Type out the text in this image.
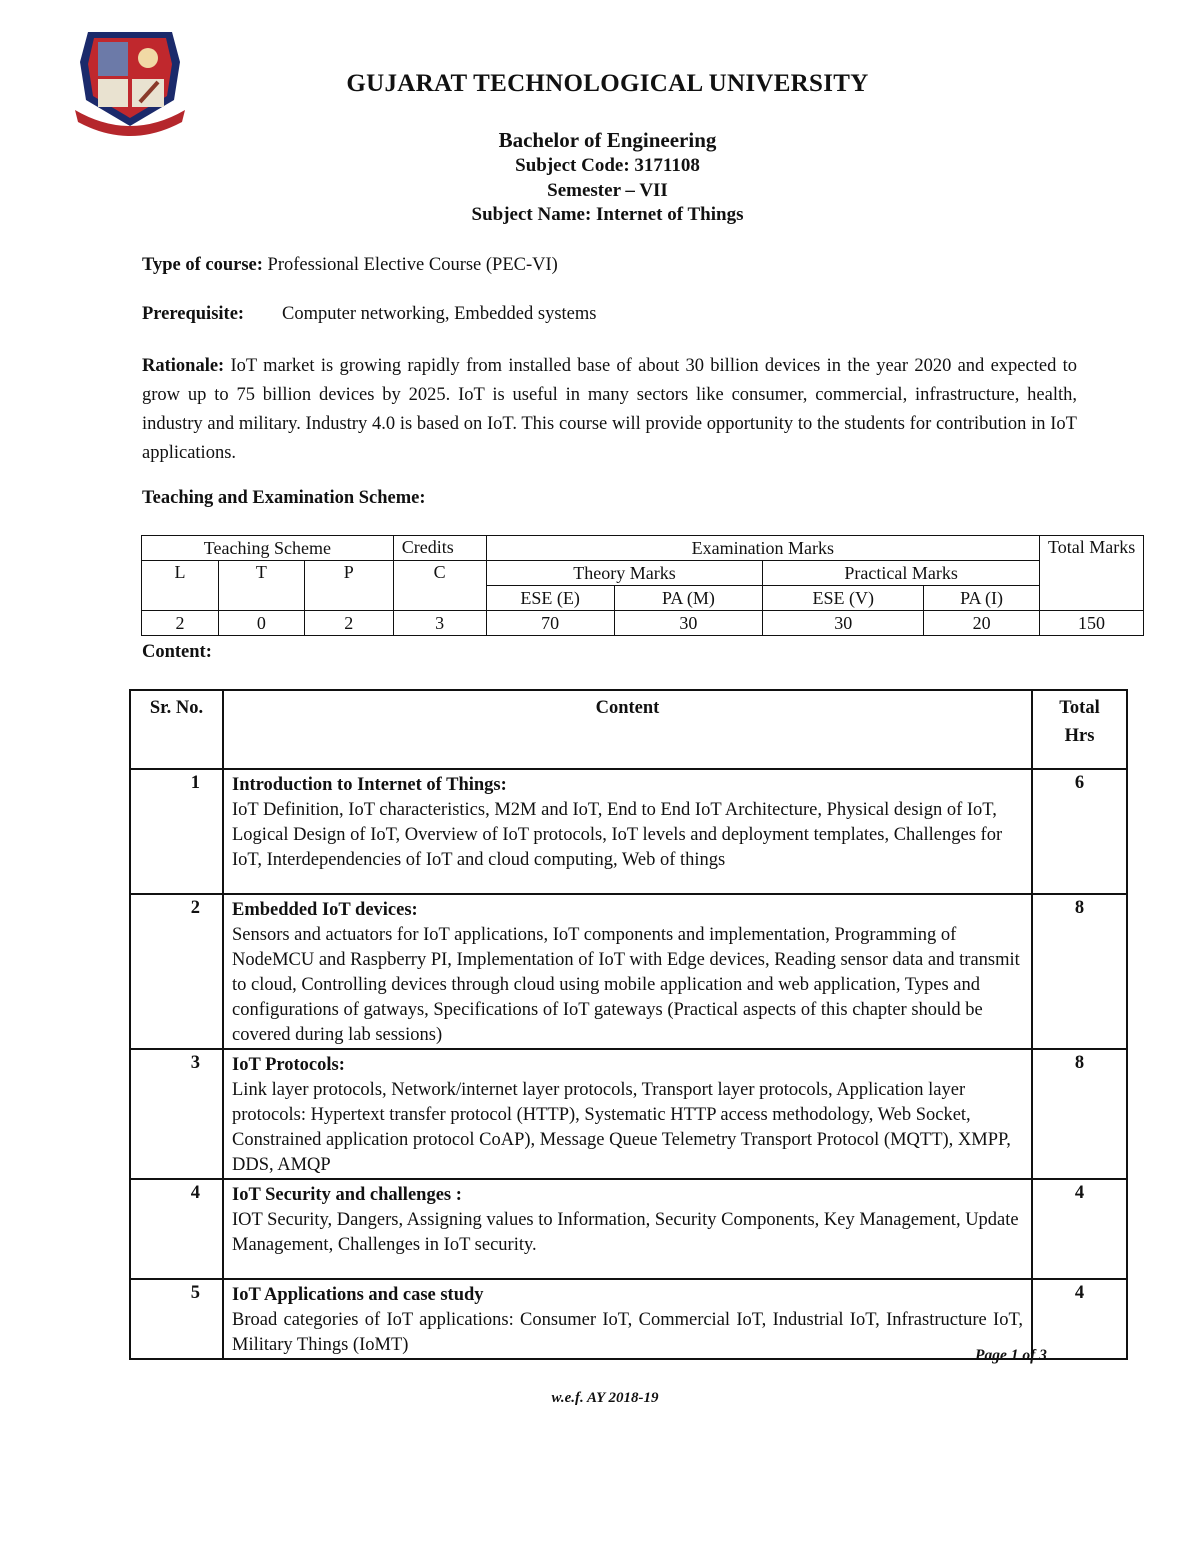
GUJARAT TECHNOLOGICAL UNIVERSITY
Bachelor of Engineering
Subject Code: 3171108
Semester – VII
Subject Name: Internet of Things
Type of course: Professional Elective Course (PEC-VI)
Prerequisite: Computer networking, Embedded systems
Rationale: IoT market is growing rapidly from installed base of about 30 billion devices in the year 2020 and expected to grow up to 75 billion devices by 2025. IoT is useful in many sectors like consumer, commercial, infrastructure, health, industry and military. Industry 4.0 is based on IoT. This course will provide opportunity to the students for contribution in IoT applications.
Teaching and Examination Scheme:
Teaching Scheme			Credits	Examination Marks				Total Marks
L	T	P	C	Theory Marks		Practical Marks		
				ESE (E)	PA (M)	ESE (V)	PA (I)	
2	0	2	3	70	30	30	20	150
Content:
Sr. No.	Content	Total
Hrs

1	Introduction to Internet of Things:
IoT Definition, IoT characteristics, M2M and IoT, End to End IoT Architecture, Physical design of IoT, Logical Design of IoT, Overview of IoT protocols, IoT levels and deployment templates, Challenges for IoT, Interdependencies of IoT and cloud computing, Web of things	6
2	Embedded IoT devices:
Sensors and actuators for IoT applications, IoT components and implementation, Programming of NodeMCU and Raspberry PI, Implementation of IoT with Edge devices, Reading sensor data and transmit to cloud, Controlling devices through cloud using mobile application and web application, Types and configurations of gatways, Specifications of IoT gateways (Practical aspects of this chapter should be covered during lab sessions)	8
3	IoT Protocols:
Link layer protocols, Network/internet layer protocols, Transport layer protocols, Application layer protocols: Hypertext transfer protocol (HTTP), Systematic HTTP access methodology, Web Socket, Constrained application protocol CoAP), Message Queue Telemetry Transport Protocol (MQTT), XMPP, DDS, AMQP	8
4	IoT Security and challenges :
IOT Security, Dangers, Assigning values to Information, Security Components, Key Management, Update Management, Challenges in IoT security.	4
5	IoT Applications and case study
Broad categories of IoT applications: Consumer IoT, Commercial IoT, Industrial IoT, Infrastructure IoT, Military Things (IoMT)	4
Page 1 of 3
w.e.f. AY 2018-19
